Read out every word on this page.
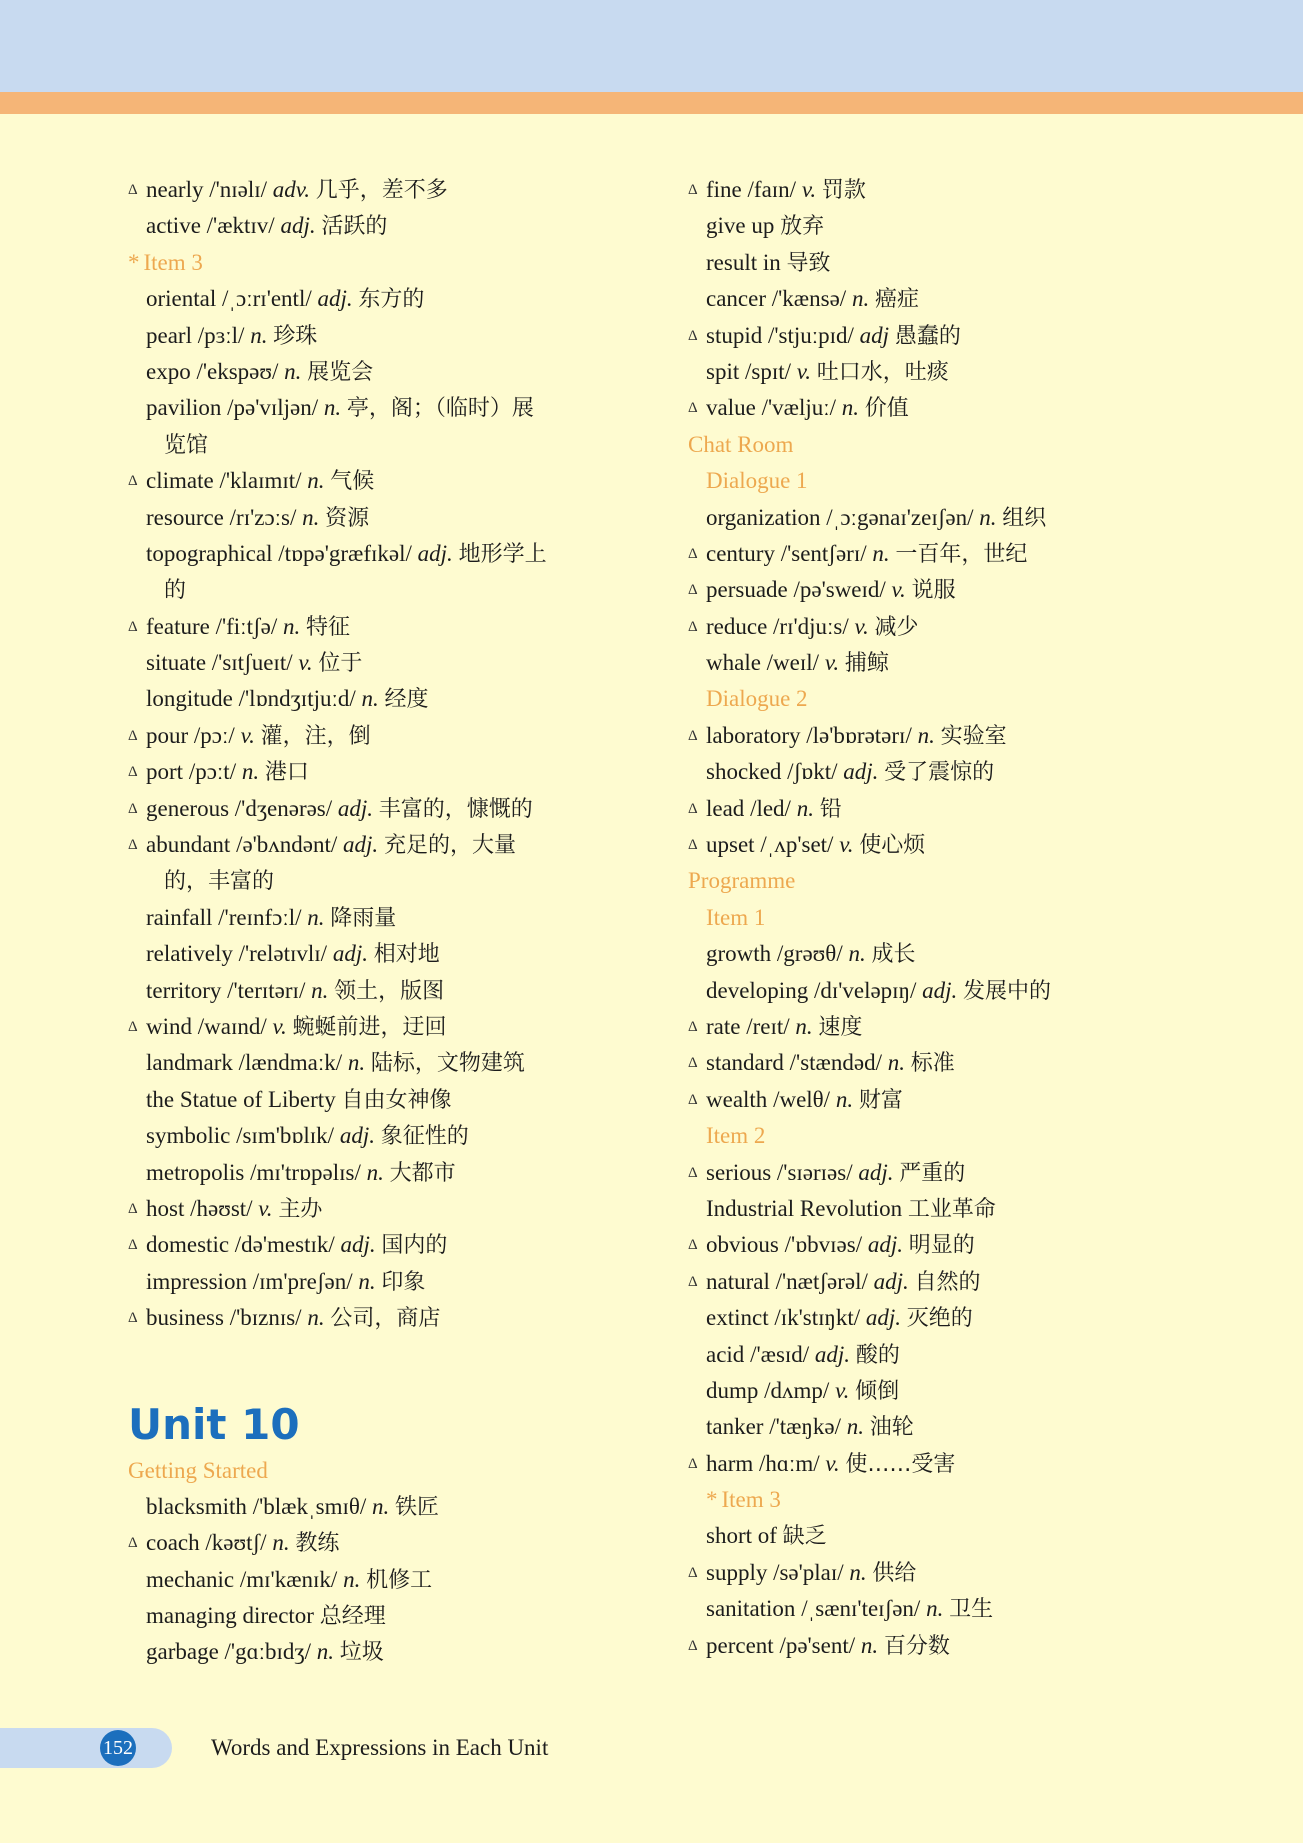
Δ nearly /'nɪəlɪ/ adv. 几乎，差不多
active /'æktɪv/ adj. 活跃的
* Item 3
oriental /ˌɔːrɪ'entl/ adj. 东方的
pearl /pɜːl/ n. 珍珠
expo /'ekspəʊ/ n. 展览会
pavilion /pə'vɪljən/ n. 亭，阁；（临时）展
览馆
Δ climate /'klaɪmɪt/ n. 气候
resource /rɪ'zɔːs/ n. 资源
topographical /tɒpə'græfɪkəl/ adj. 地形学上
的
Δ feature /'fiːtʃə/ n. 特征
situate /'sɪtʃueɪt/ v. 位于
longitude /'lɒndʒɪtjuːd/ n. 经度
Δ pour /pɔː/ v. 灌，注，倒
Δ port /pɔːt/ n. 港口
Δ generous /'dʒenərəs/ adj. 丰富的，慷慨的
Δ abundant /ə'bʌndənt/ adj. 充足的，大量
的，丰富的
rainfall /'reɪnfɔːl/ n. 降雨量
relatively /'relətɪvlɪ/ adj. 相对地
territory /'terɪtərɪ/ n. 领土，版图
Δ wind /waɪnd/ v. 蜿蜒前进，迂回
landmark /lændmaːk/ n. 陆标，文物建筑
the Statue of Liberty 自由女神像
symbolic /sɪm'bɒlɪk/ adj. 象征性的
metropolis /mɪ'trɒpəlɪs/ n. 大都市
Δ host /həʊst/ v. 主办
Δ domestic /də'mestɪk/ adj. 国内的
impression /ɪm'preʃən/ n. 印象
Δ business /'bɪznɪs/ n. 公司，商店
Unit 10
Getting Started
blacksmith /'blækˌsmɪθ/ n. 铁匠
Δ coach /kəʊtʃ/ n. 教练
mechanic /mɪ'kænɪk/ n. 机修工
managing director 总经理
garbage /'gɑːbɪdʒ/ n. 垃圾
Δ fine /faɪn/ v. 罚款
give up 放弃
result in 导致
cancer /'kænsə/ n. 癌症
Δ stupid /'stjuːpɪd/ adj 愚蠢的
spit /spɪt/ v. 吐口水，吐痰
Δ value /'væljuː/ n. 价值
Chat Room
Dialogue 1
organization /ˌɔːgənaɪ'zeɪʃən/ n. 组织
Δ century /'sentʃərɪ/ n. 一百年，世纪
Δ persuade /pə'sweɪd/ v. 说服
Δ reduce /rɪ'djuːs/ v. 减少
whale /weɪl/ v. 捕鲸
Dialogue 2
Δ laboratory /lə'bɒrətərɪ/ n. 实验室
shocked /ʃɒkt/ adj. 受了震惊的
Δ lead /led/ n. 铅
Δ upset /ˌʌp'set/ v. 使心烦
Programme
Item 1
growth /grəʊθ/ n. 成长
developing /dɪ'veləpɪŋ/ adj. 发展中的
Δ rate /reɪt/ n. 速度
Δ standard /'stændəd/ n. 标准
Δ wealth /welθ/ n. 财富
Item 2
Δ serious /'sɪərɪəs/ adj. 严重的
Industrial Revolution 工业革命
Δ obvious /'ɒbvɪəs/ adj. 明显的
Δ natural /'nætʃərəl/ adj. 自然的
extinct /ɪk'stɪŋkt/ adj. 灭绝的
acid /'æsɪd/ adj. 酸的
dump /dʌmp/ v. 倾倒
tanker /'tæŋkə/ n. 油轮
Δ harm /hɑːm/ v. 使……受害
* Item 3
short of 缺乏
Δ supply /sə'plaɪ/ n. 供给
sanitation /ˌsænɪ'teɪʃən/ n. 卫生
Δ percent /pə'sent/ n. 百分数
152	Words and Expressions in Each Unit
